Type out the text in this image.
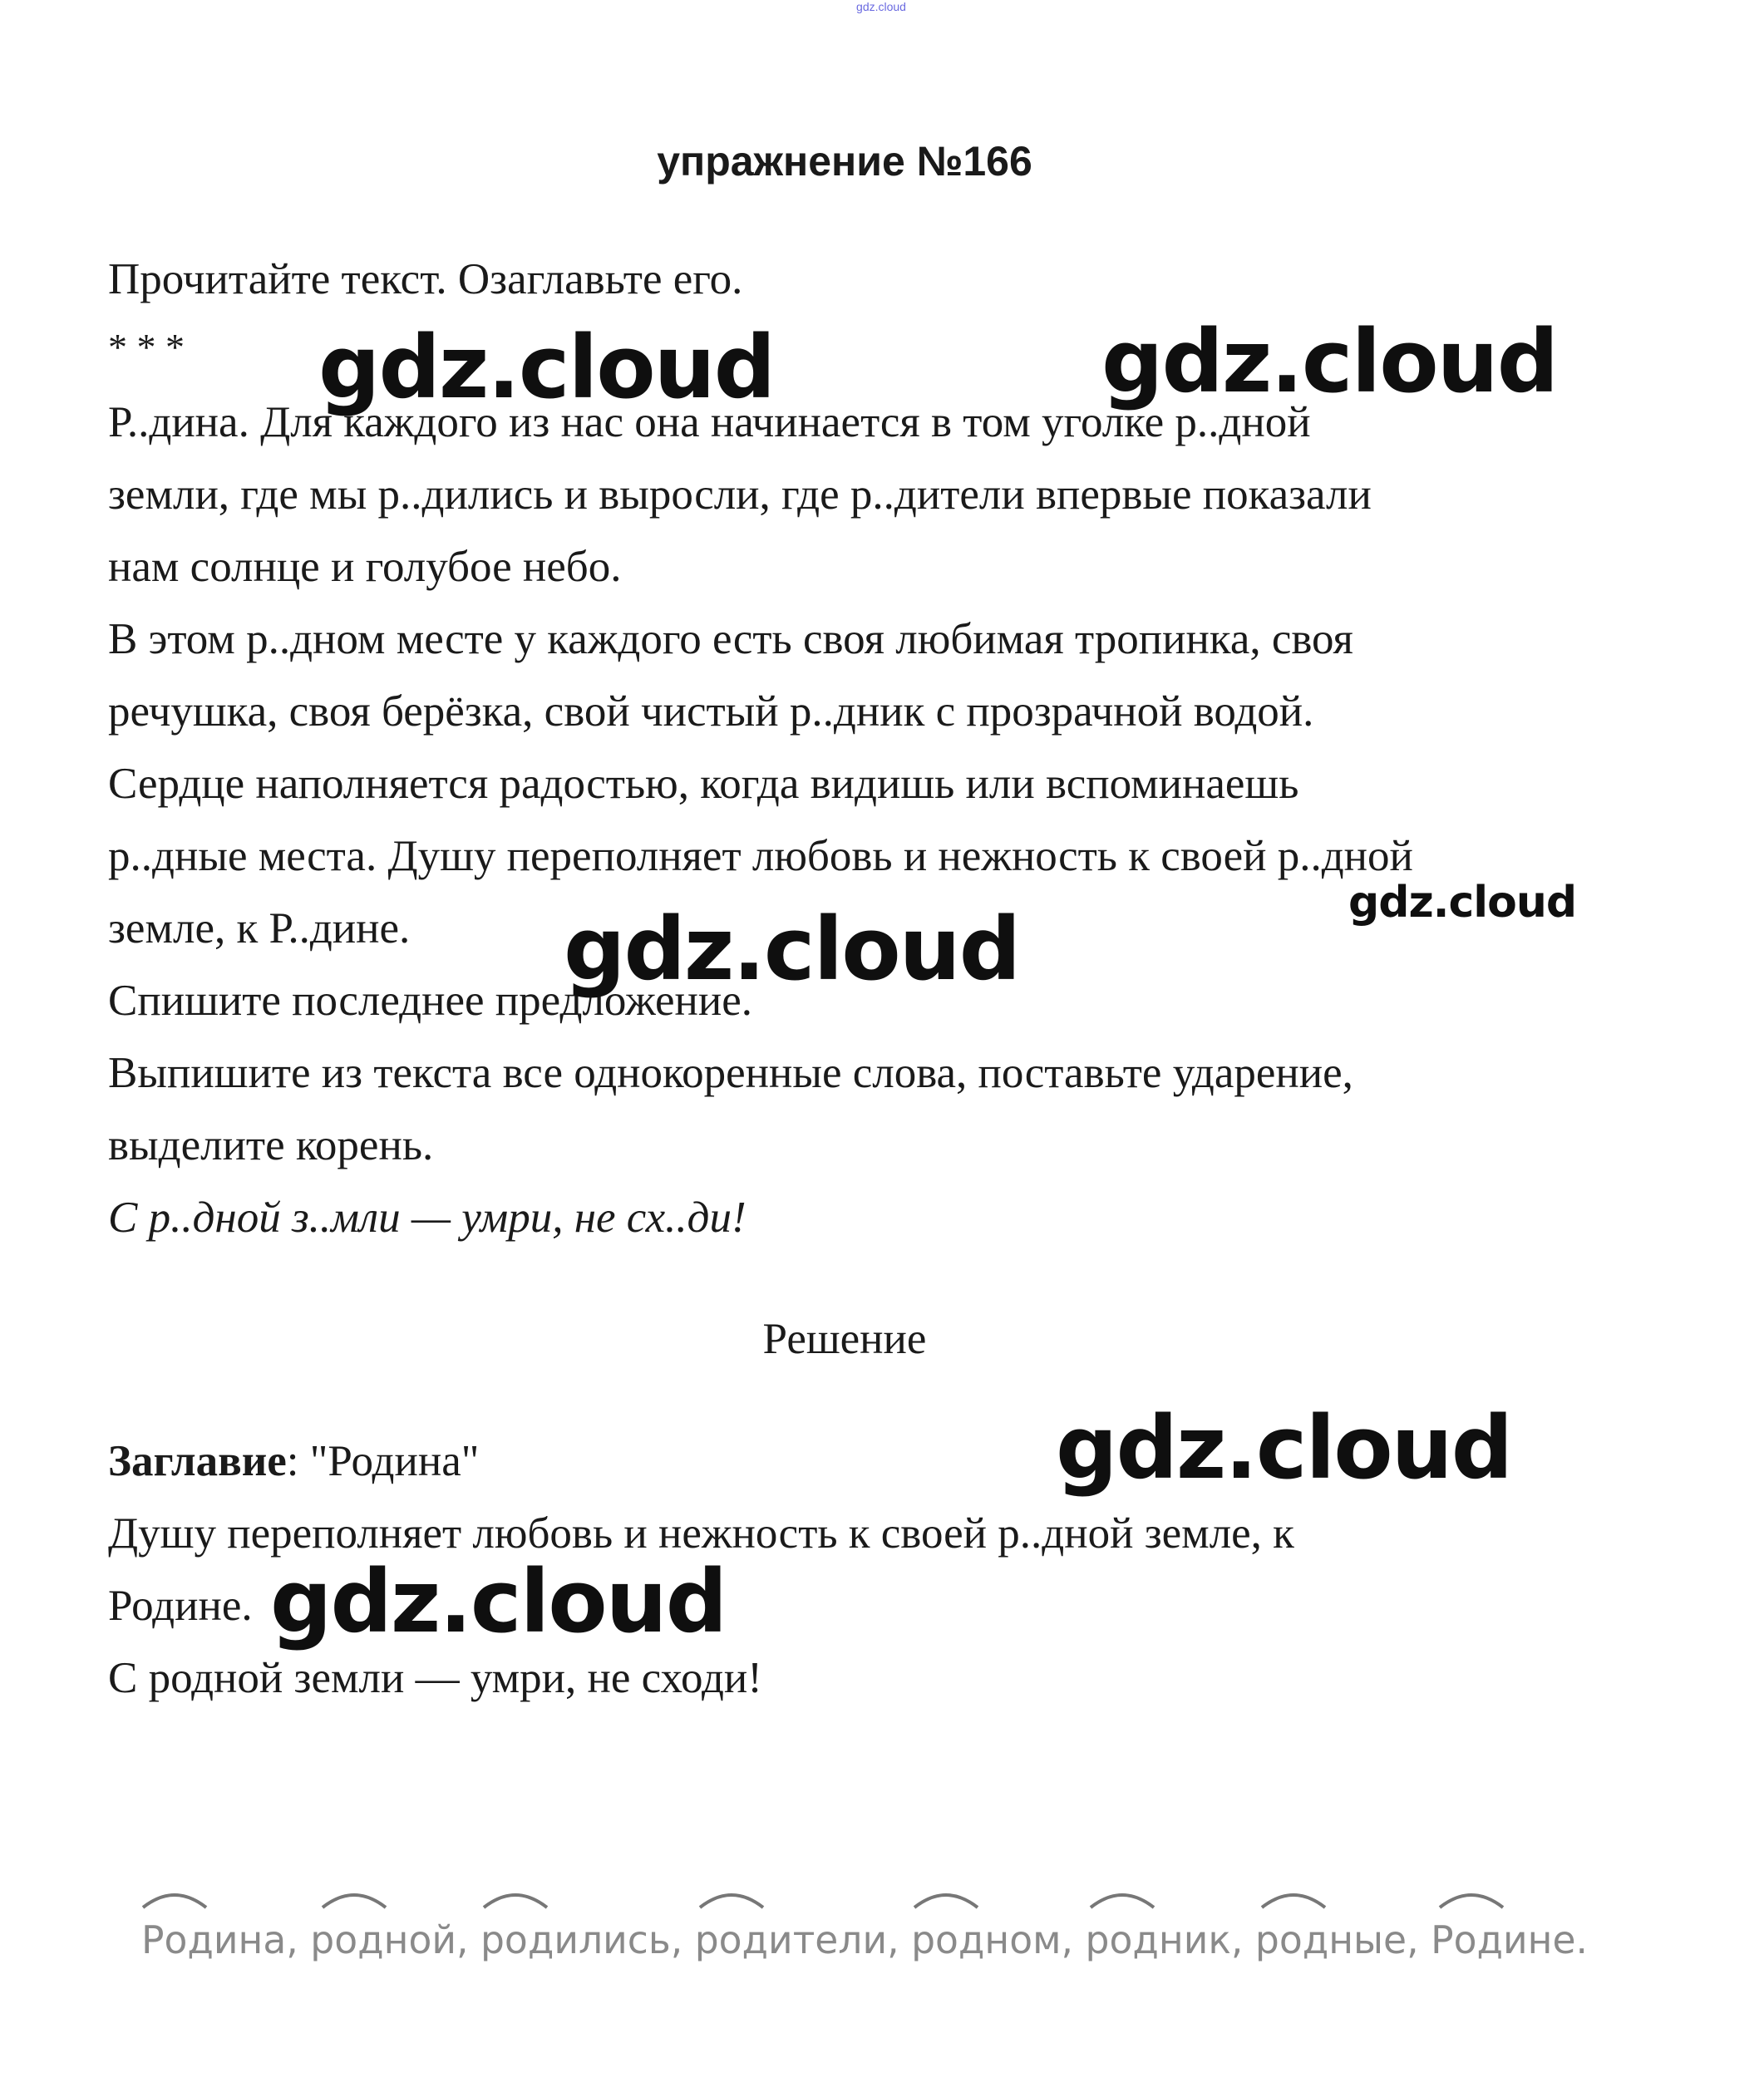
gdz.cloud
упражнение №166
Прочитайте текст. Озаглавьте его.
* * *
Р..дина. Для каждого из нас она начинается в том уголке р..дной
земли, где мы р..дились и выросли, где р..дители впервые показали
нам солнце и голубое небо.
В этом р..дном месте у каждого есть своя любимая тропинка, своя
речушка, своя берёзка, свой чистый р..дник с прозрачной водой.
Сердце наполняется радостью, когда видишь или вспоминаешь
р..дные места. Душу переполняет любовь и нежность к своей р..дной
земле, к Р..дине.
Спишите последнее предложение.
Выпишите из текста все однокоренные слова, поставьте ударение,
выделите корень.
С р..дной з..мли — умри, не сх..ди!
Решение
Заглавие: "Родина"
Душу переполняет любовь и нежность к своей р..дной земле, к
Родине.
С родной земли — умри, не сходи!
Родина, родной, родились, родители, родном, родник, родные, Родине.
gdz.cloud	gdz.cloud
gdz.cloud
gdz.cloud
gdz.cloud
gdz.cloud
